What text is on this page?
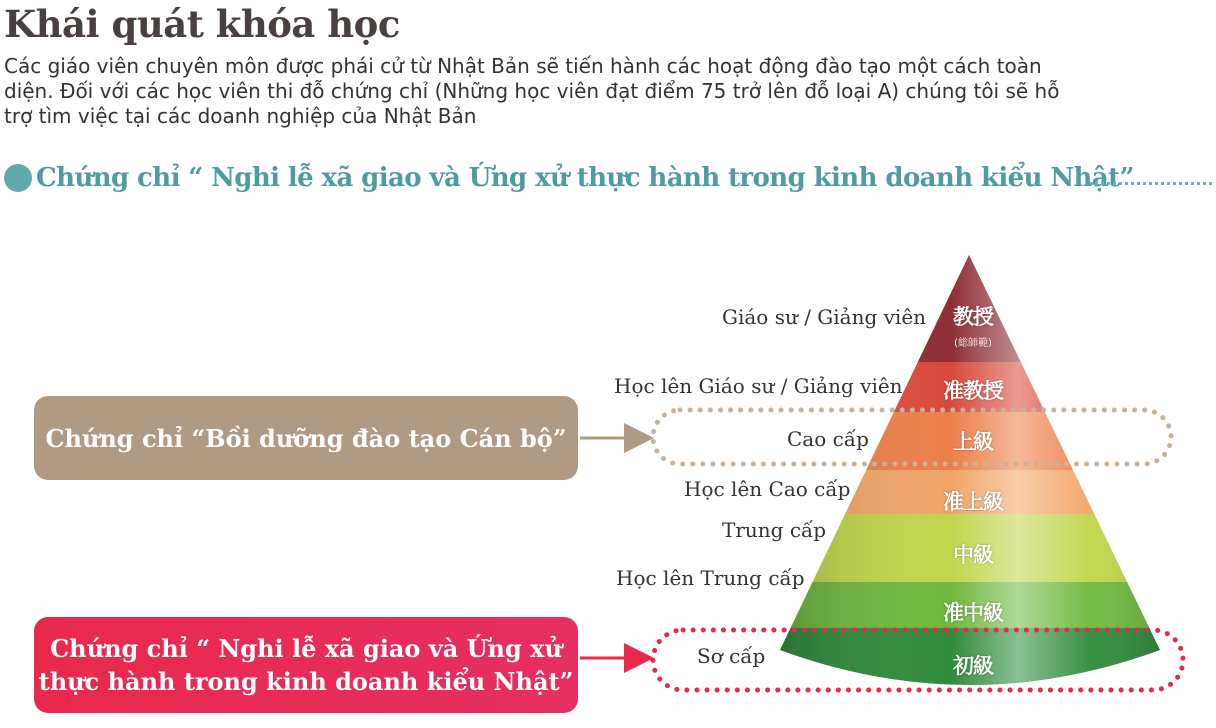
Khái quát khóa học

Các giáo viên chuyên môn được phái cử từ Nhật Bản sẽ tiến hành các hoạt động đào tạo một cách toàn diện. Đối với các học viên thi đỗ chứng chỉ (Những học viên đạt điểm 75 trở lên đỗ loại A) chúng tôi sẽ hỗ trợ tìm việc tại các doanh nghiệp của Nhật Bản

Chứng chỉ “ Nghi lễ xã giao và Ứng xử thực hành trong kinh doanh kiểu Nhật”
Giáo sư / Giảng viên
Học lên Giáo sư / Giảng viên
Cao cấp
Học lên Cao cấp
Trung cấp
Học lên Trung cấp
Sơ cấp
教授
(総師範)
准教授
上級
准上級
中級
准中級
初級
Chứng chỉ “Bồi dưỡng đào tạo Cán bộ”
Chứng chỉ “ Nghi lễ xã giao và Ứng xử
thực hành trong kinh doanh kiểu Nhật”
